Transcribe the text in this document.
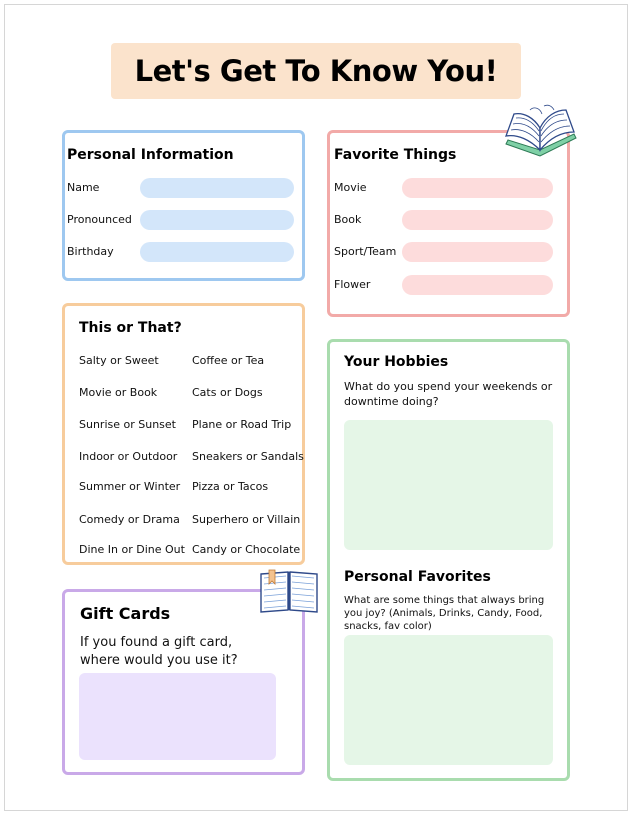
Let's Get To Know You!
Personal Information
Name
Pronounced
Birthday
Favorite Things
Movie
Book
Sport/Team
Flower
This or That?
Salty or Sweet
Movie or Book
Sunrise or Sunset
Indoor or Outdoor
Summer or Winter
Comedy or Drama
Dine In or Dine Out
Coffee or Tea
Cats or Dogs
Plane or Road Trip
Sneakers or Sandals
Pizza or Tacos
Superhero or Villain
Candy or Chocolate
Your Hobbies
What do you spend your weekends or downtime doing?
Personal Favorites
What are some things that always bring you joy? (Animals, Drinks, Candy, Food, snacks, fav color)
Gift Cards
If you found a gift card, where would you use it?
